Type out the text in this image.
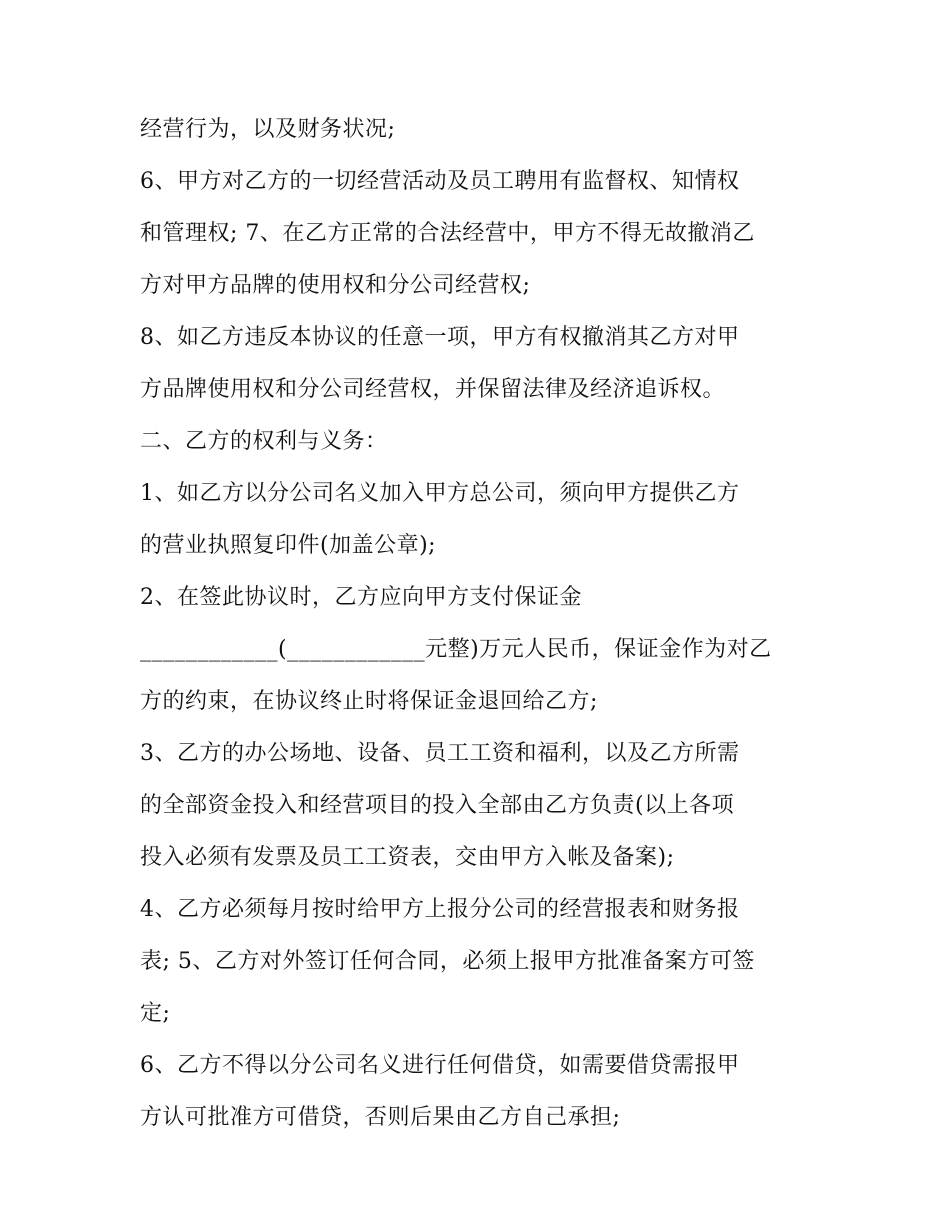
经营行为，以及财务状况;
6、甲方对乙方的一切经营活动及员工聘用有监督权、知情权
和管理权; 7、在乙方正常的合法经营中，甲方不得无故撤消乙
方对甲方品牌的使用权和分公司经营权;
8、如乙方违反本协议的任意一项，甲方有权撤消其乙方对甲
方品牌使用权和分公司经营权，并保留法律及经济追诉权。
二、乙方的权利与义务：
1、如乙方以分公司名义加入甲方总公司，须向甲方提供乙方
的营业执照复印件(加盖公章);
2、在签此协议时，乙方应向甲方支付保证金
____________(____________元整)万元人民币，保证金作为对乙
方的约束，在协议终止时将保证金退回给乙方;
3、乙方的办公场地、设备、员工工资和福利，以及乙方所需
的全部资金投入和经营项目的投入全部由乙方负责(以上各项
投入必须有发票及员工工资表，交由甲方入帐及备案);
4、乙方必须每月按时给甲方上报分公司的经营报表和财务报
表; 5、乙方对外签订任何合同，必须上报甲方批准备案方可签
定;
6、乙方不得以分公司名义进行任何借贷，如需要借贷需报甲
方认可批准方可借贷，否则后果由乙方自己承担;
